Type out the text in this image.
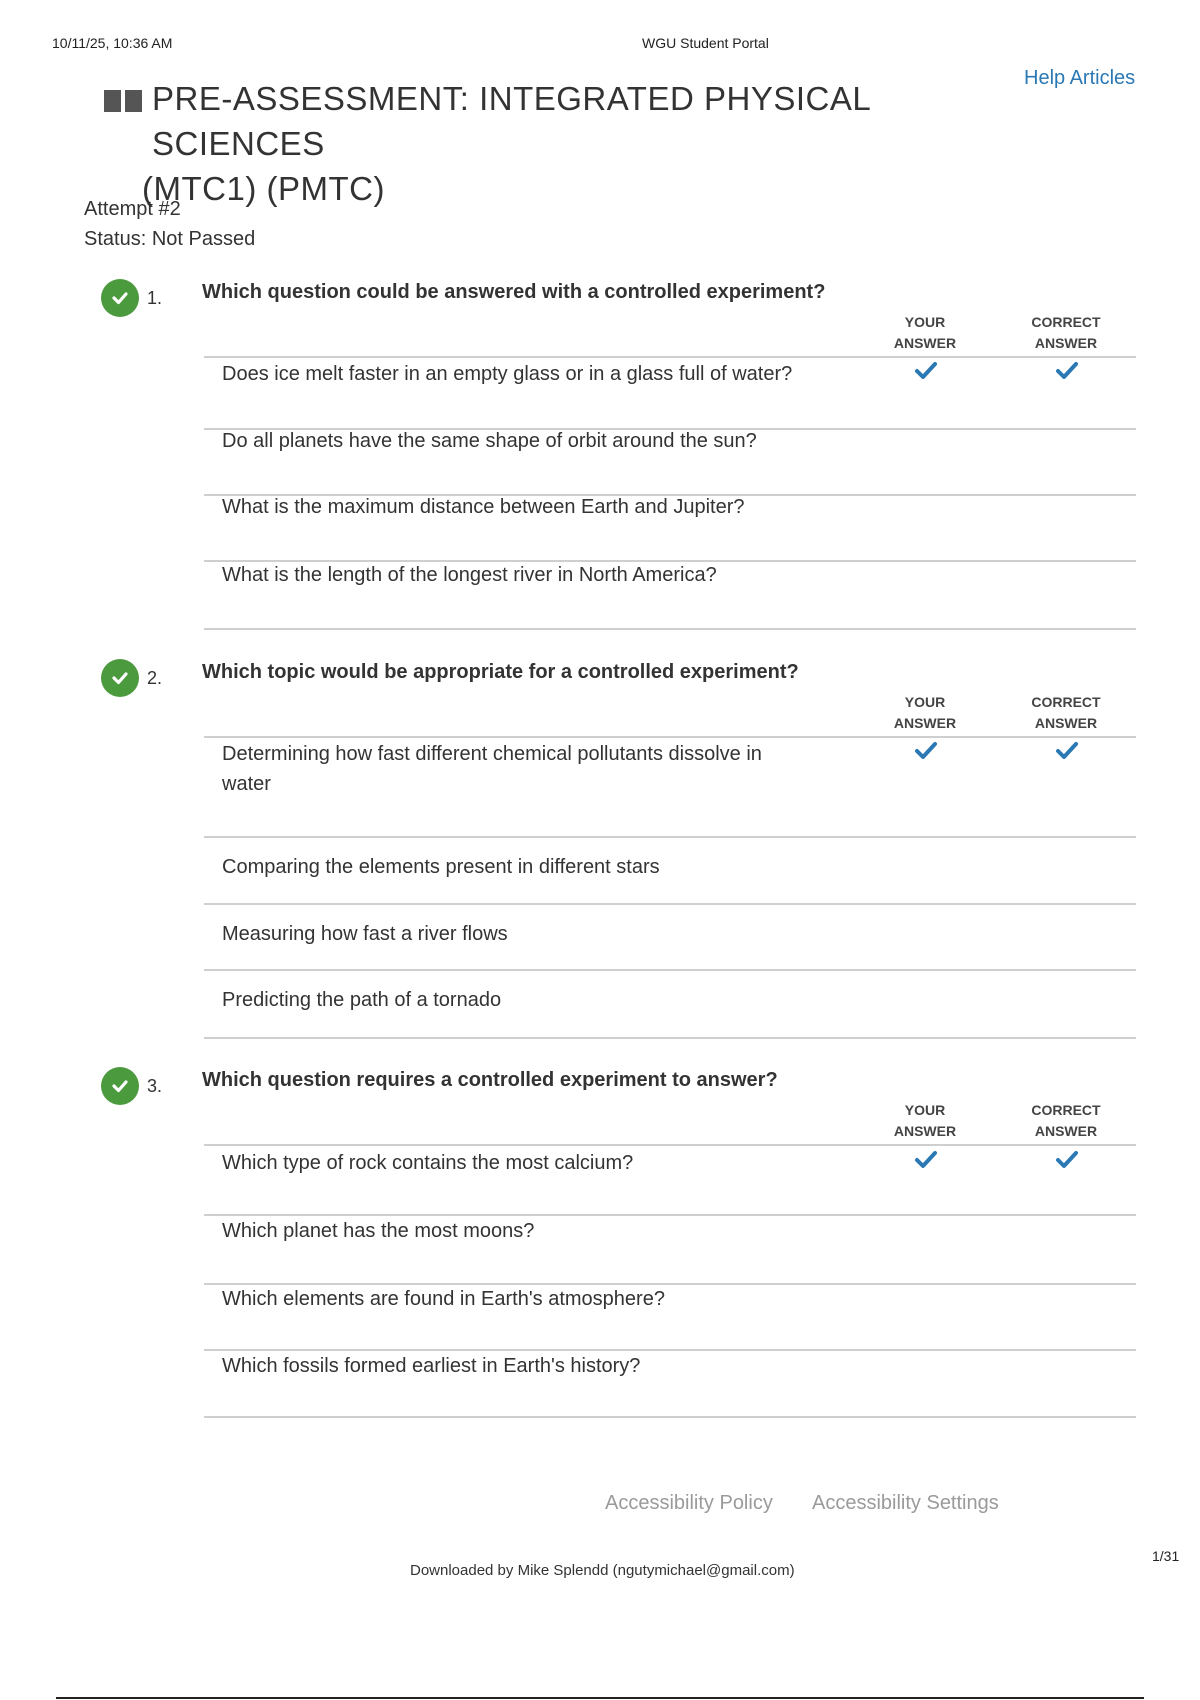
10/11/25, 10:36 AM	WGU Student Portal
Help Articles
PRE-ASSESSMENT: INTEGRATED PHYSICAL SCIENCES
(MTC1) (PMTC)
Attempt #2
Status: Not Passed
1. Which question could be answered with a controlled experiment?
YOUR
ANSWER
CORRECT
ANSWER
Does ice melt faster in an empty glass or in a glass full of water?
Do all planets have the same shape of orbit around the sun?
What is the maximum distance between Earth and Jupiter?
What is the length of the longest river in North America?
2. Which topic would be appropriate for a controlled experiment?
YOUR
ANSWER
CORRECT
ANSWER
Determining how fast different chemical pollutants dissolve in
water
Comparing the elements present in different stars
Measuring how fast a river flows
Predicting the path of a tornado
3. Which question requires a controlled experiment to answer?
YOUR
ANSWER
CORRECT
ANSWER
Which type of rock contains the most calcium?
Which planet has the most moons?
Which elements are found in Earth's atmosphere?
Which fossils formed earliest in Earth's history?
Accessibility Policy Accessibility Settings
Downloaded by Mike Splendd (ngutymichael@gmail.com)
1/31
